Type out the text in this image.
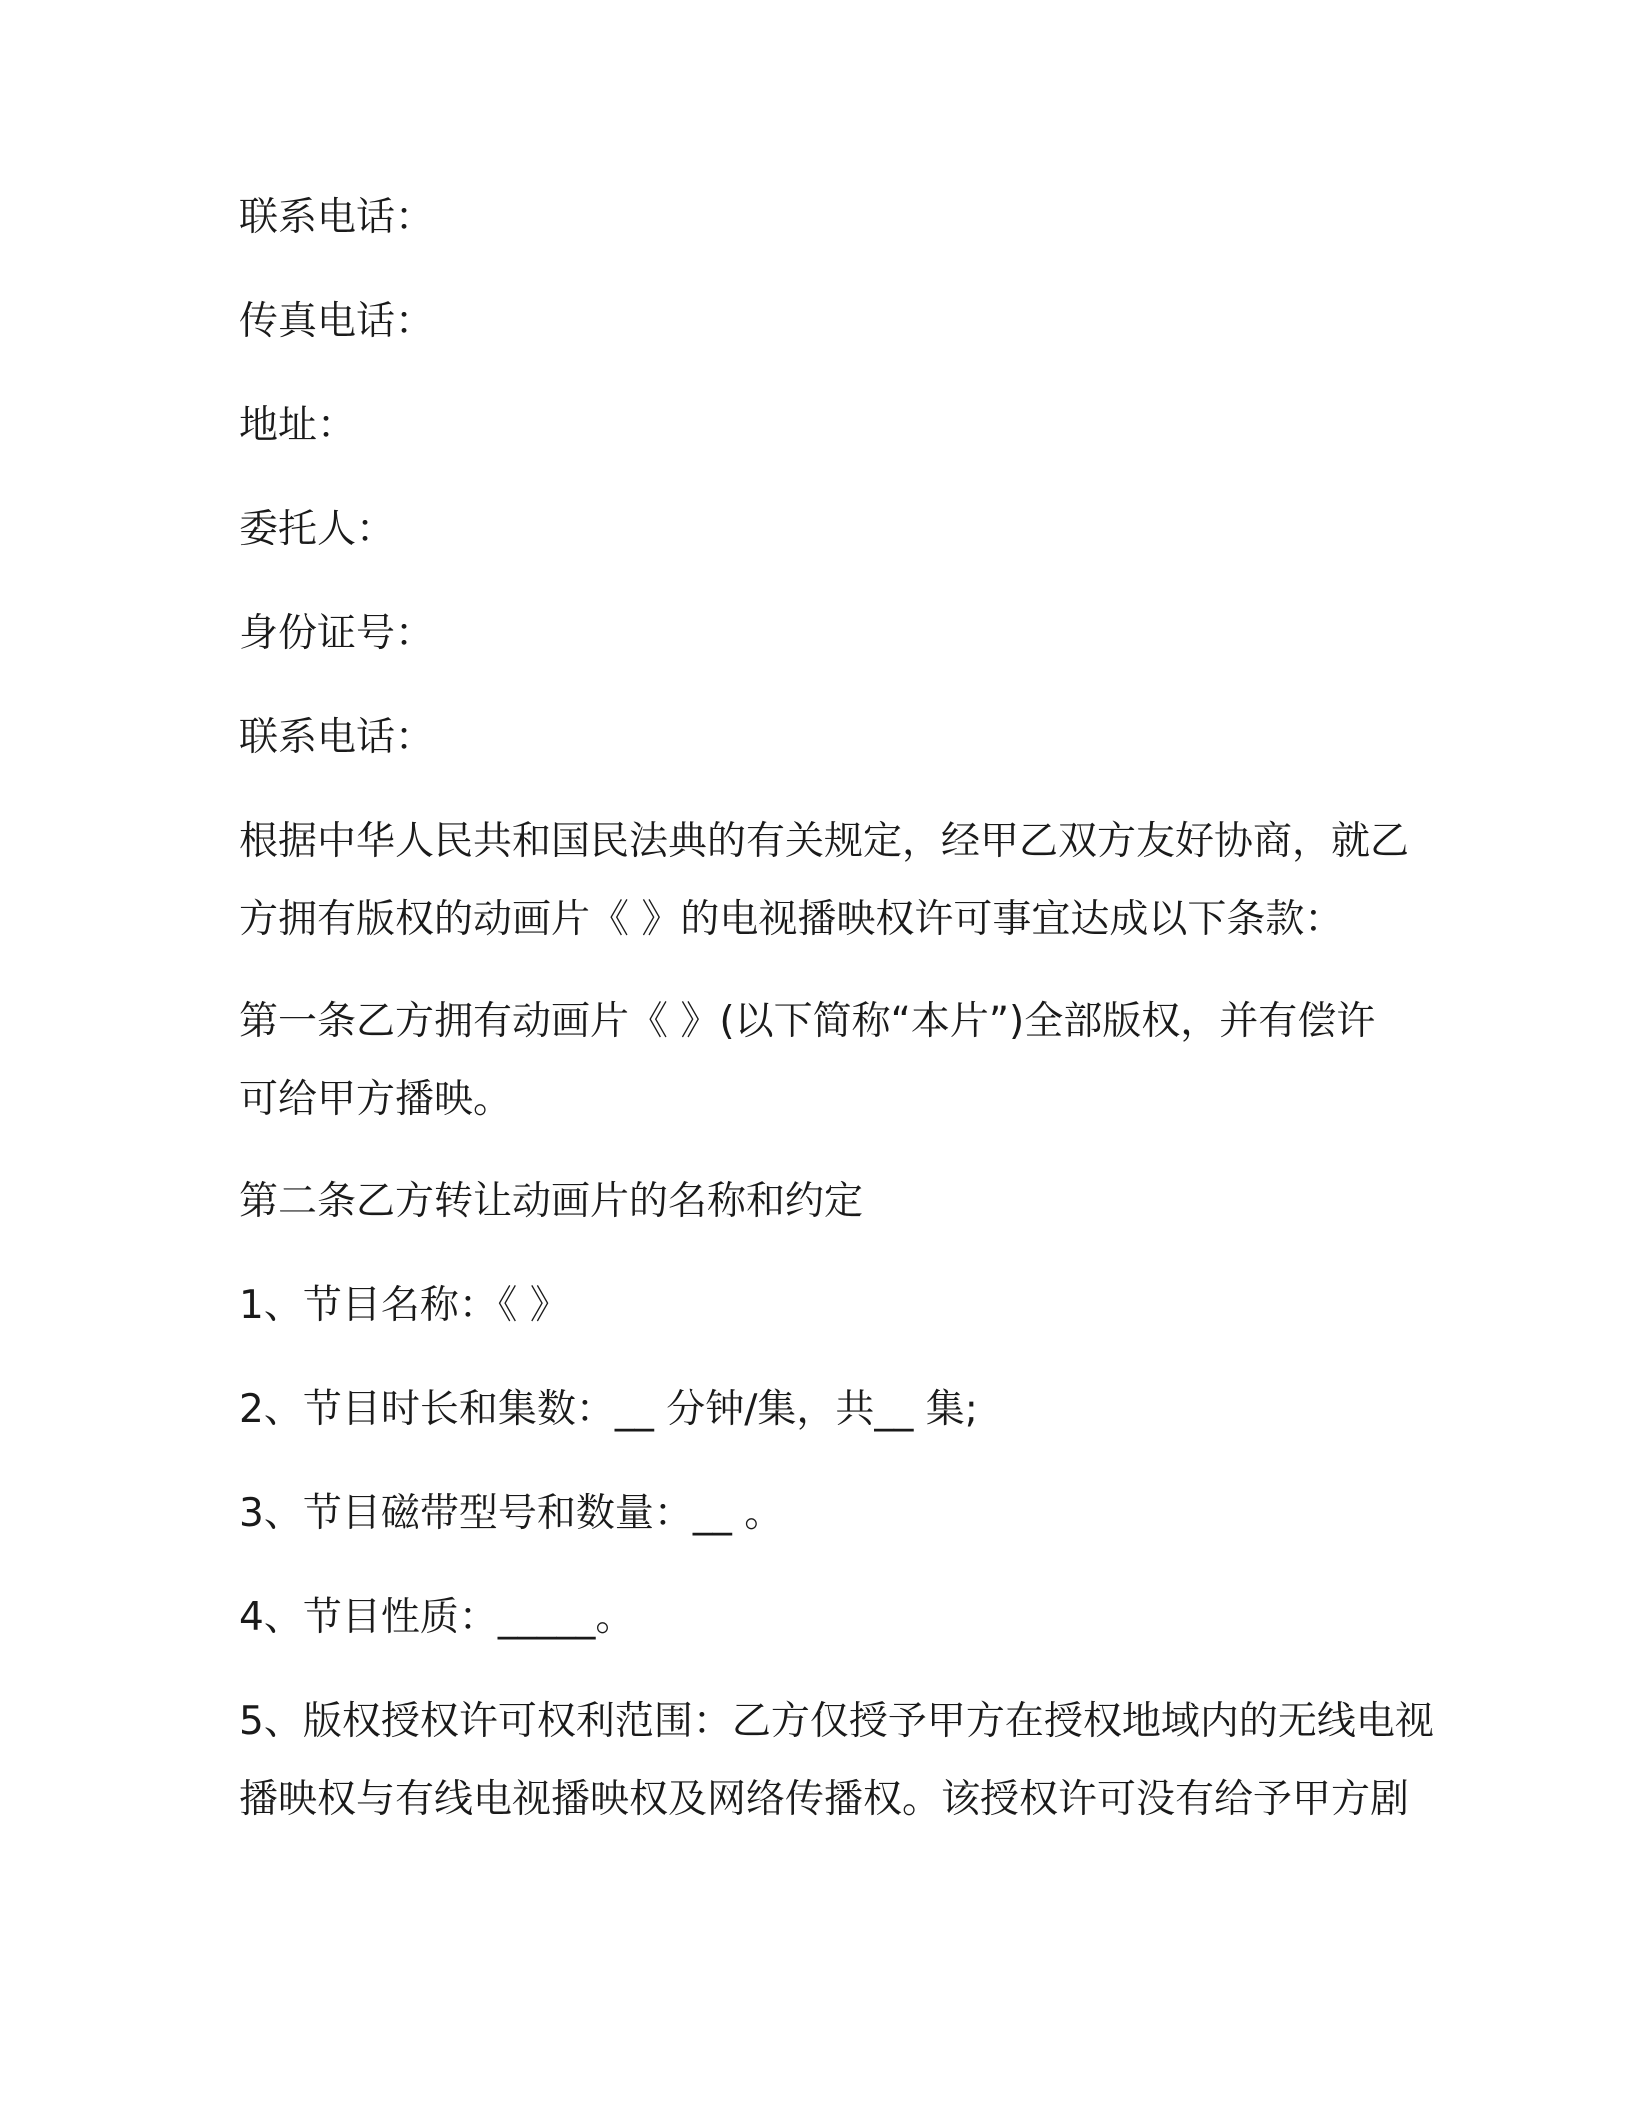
联系电话：
传真电话：
地址：
委托人：
身份证号：
联系电话：
根据中华人民共和国民法典的有关规定，经甲乙双方友好协商，就乙
方拥有版权的动画片《 》的电视播映权许可事宜达成以下条款：
第一条乙方拥有动画片《 》(以下简称“本片”)全部版权，并有偿许
可给甲方播映。
第二条乙方转让动画片的名称和约定
1、节目名称：《 》
2、节目时长和集数：__ 分钟/集，共__ 集;
3、节目磁带型号和数量：__ 。
4、节目性质：_____。
5、版权授权许可权利范围：乙方仅授予甲方在授权地域内的无线电视
播映权与有线电视播映权及网络传播权。该授权许可没有给予甲方剧
